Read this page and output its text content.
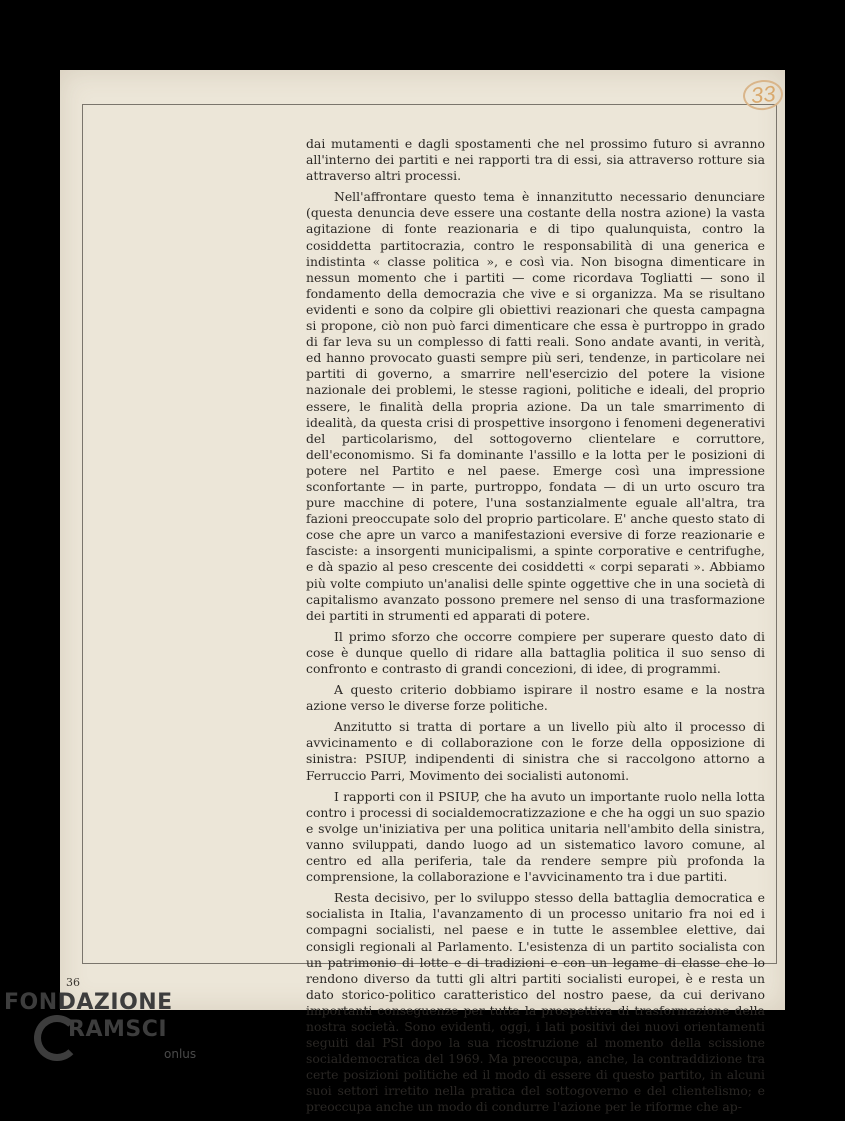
33

dai mutamenti e dagli spostamenti che nel prossimo futuro si avranno all'interno dei partiti e nei rapporti tra di essi, sia attraverso rotture sia attraverso altri processi.

Nell'affrontare questo tema è innanzitutto necessario denunciare (questa denuncia deve essere una costante della nostra azione) la vasta agitazione di fonte reazionaria e di tipo qualunquista, contro la cosiddetta partitocrazia, contro le responsabilità di una generica e indistinta « classe politica », e così via. Non bisogna dimenticare in nessun momento che i partiti — come ricordava Togliatti — sono il fondamento della democrazia che vive e si organizza. Ma se risultano evidenti e sono da colpire gli obiettivi reazionari che questa campagna si propone, ciò non può farci dimenticare che essa è purtroppo in grado di far leva su un complesso di fatti reali. Sono andate avanti, in verità, ed hanno provocato guasti sempre più seri, tendenze, in particolare nei partiti di governo, a smarrire nell'esercizio del potere la visione nazionale dei problemi, le stesse ragioni, politiche e ideali, del proprio essere, le finalità della propria azione. Da un tale smarrimento di idealità, da questa crisi di prospettive insorgono i fenomeni degenerativi del particolarismo, del sottogoverno clientelare e corruttore, dell'economismo. Si fa dominante l'assillo e la lotta per le posizioni di potere nel Partito e nel paese. Emerge così una impressione sconfortante — in parte, purtroppo, fondata — di un urto oscuro tra pure macchine di potere, l'una sostanzialmente eguale all'altra, tra fazioni preoccupate solo del proprio particolare. E' anche questo stato di cose che apre un varco a manifestazioni eversive di forze reazionarie e fasciste: a insorgenti municipalismi, a spinte corporative e centrifughe, e dà spazio al peso crescente dei cosiddetti « corpi separati ». Abbiamo più volte compiuto un'analisi delle spinte oggettive che in una società di capitalismo avanzato possono premere nel senso di una trasformazione dei partiti in strumenti ed apparati di potere.

Il primo sforzo che occorre compiere per superare questo dato di cose è dunque quello di ridare alla battaglia politica il suo senso di confronto e contrasto di grandi concezioni, di idee, di programmi.

A questo criterio dobbiamo ispirare il nostro esame e la nostra azione verso le diverse forze politiche.

Anzitutto si tratta di portare a un livello più alto il processo di avvicinamento e di collaborazione con le forze della opposizione di sinistra: PSIUP, indipendenti di sinistra che si raccolgono attorno a Ferruccio Parri, Movimento dei socialisti autonomi.

I rapporti con il PSIUP, che ha avuto un importante ruolo nella lotta contro i processi di socialdemocratizzazione e che ha oggi un suo spazio e svolge un'iniziativa per una politica unitaria nell'ambito della sinistra, vanno sviluppati, dando luogo ad un sistematico lavoro comune, al centro ed alla periferia, tale da rendere sempre più profonda la comprensione, la collaborazione e l'avvicinamento tra i due partiti.

Resta decisivo, per lo sviluppo stesso della battaglia democratica e socialista in Italia, l'avanzamento di un processo unitario fra noi ed i compagni socialisti, nel paese e in tutte le assemblee elettive, dai consigli regionali al Parlamento. L'esistenza di un partito socialista con un patrimonio di lotte e di tradizioni e con un legame di classe che lo rendono diverso da tutti gli altri partiti socialisti europei, è e resta un dato storico-politico caratteristico del nostro paese, da cui derivano importanti conseguenze per tutta la prospettiva di trasformazione della nostra società. Sono evidenti, oggi, i lati positivi dei nuovi orientamenti seguiti dal PSI dopo la sua ricostruzione al momento della scissione socialdemocratica del 1969. Ma preoccupa, anche, la contraddizione tra certe posizioni politiche ed il modo di essere di questo partito, in alcuni suoi settori irretito nella pratica del sottogoverno e del clientelismo; e preoccupa anche un modo di condurre l'azione per le riforme che ap-

36
FONDAZIONE
RAMSCI
onlus
